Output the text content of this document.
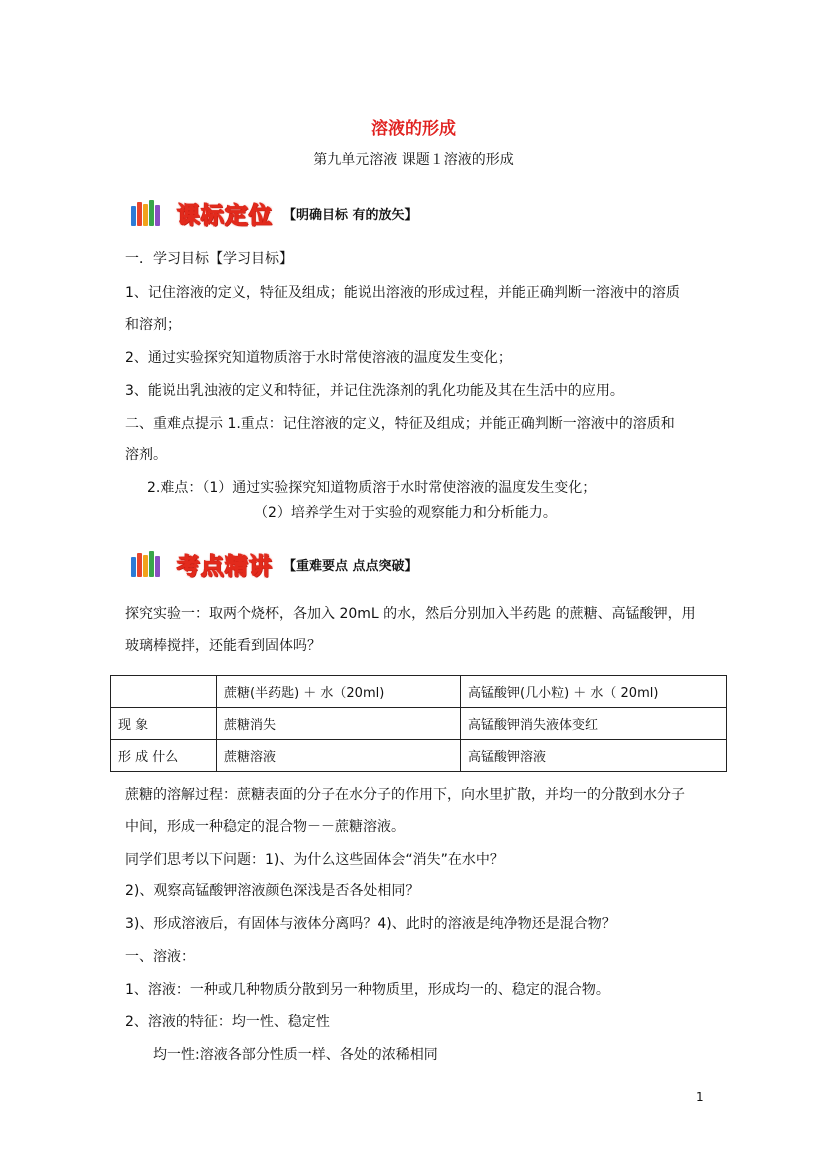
溶液的形成
第九单元溶液 课题１溶液的形成
课标定位 【明确目标 有的放矢】
一．学习目标【学习目标】
1、记住溶液的定义，特征及组成；能说出溶液的形成过程，并能正确判断一溶液中的溶质
和溶剂；
2、通过实验探究知道物质溶于水时常使溶液的温度发生变化；
3、能说出乳浊液的定义和特征，并记住洗涤剂的乳化功能及其在生活中的应用。
二、重难点提示 1.重点：记住溶液的定义，特征及组成；并能正确判断一溶液中的溶质和
溶剂。
2.难点：（1）通过实验探究知道物质溶于水时常使溶液的温度发生变化；
（2）培养学生对于实验的观察能力和分析能力。
考点精讲 【重难要点 点点突破】
探究实验一：取两个烧杯，各加入 20mL 的水，然后分别加入半药匙 的蔗糖、高锰酸钾，用
玻璃棒搅拌，还能看到固体吗？
	蔗糖(半药匙) ＋ 水（20ml)	高锰酸钾(几小粒) ＋ 水（ 20ml)
现 象	蔗糖消失	高锰酸钾消失液体变红
形 成 什么	蔗糖溶液	高锰酸钾溶液
蔗糖的溶解过程：蔗糖表面的分子在水分子的作用下，向水里扩散，并均一的分散到水分子
中间，形成一种稳定的混合物－－蔗糖溶液。
同学们思考以下问题：1)、为什么这些固体会“消失”在水中？
2)、观察高锰酸钾溶液颜色深浅是否各处相同？
3)、形成溶液后，有固体与液体分离吗？4)、此时的溶液是纯净物还是混合物？
一、溶液：
1、溶液：一种或几种物质分散到另一种物质里，形成均一的、稳定的混合物。
2、溶液的特征：均一性、稳定性
均一性:溶液各部分性质一样、各处的浓稀相同
1
